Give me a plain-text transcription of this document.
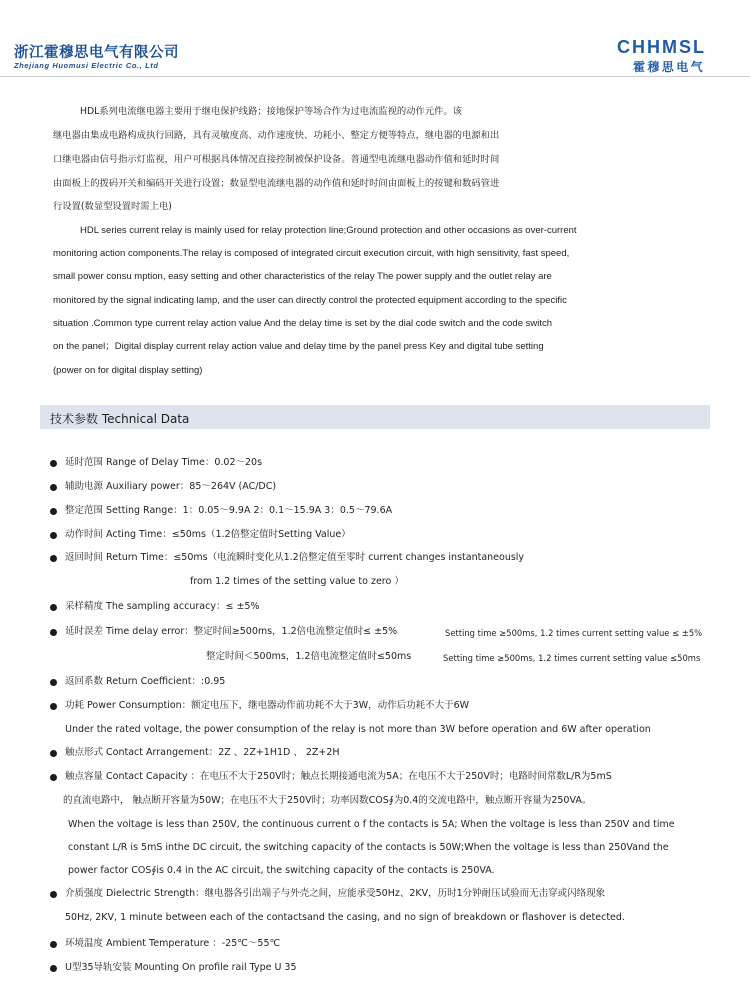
浙江霍穆思电气有限公司
Zhejiang Huomusi Electric Co., Ltd
CHHMSL
霍穆思电气
HDL系列电流继电器主要用于继电保护线路；接地保护等场合作为过电流监视的动作元件。该
继电器由集成电路构成执行回路，具有灵敏度高、动作速度快、功耗小、整定方便等特点，继电器的电源和出
口继电器由信号指示灯监视，用户可根据具体情况直接控制被保护设备。普通型电流继电器动作值和延时时间
由面板上的拨码开关和编码开关进行设置；数显型电流继电器的动作值和延时时间由面板上的按键和数码管进
行设置(数显型设置时需上电)
HDL series current relay is mainly used for relay protection line;Ground protection and other occasions as over-current
monitoring action components.The relay is composed of integrated circuit execution circuit, with high sensitivity, fast speed,
small power consu mption, easy setting and other characteristics of the relay The power supply and the outlet relay are
monitored by the signal indicating lamp, and the user can directly control the protected equipment according to the specific
situation .Common type current relay action value And the delay time is set by the dial code switch and the code switch
on the panel；Digital display current relay action value and delay time by the panel press Key and digital tube setting
(power on for digital display setting)
技术参数 Technical Data
延时范围 Range of Delay Time：0.02～20s
辅助电源 Auxiliary power：85～264V (AC/DC)
整定范围 Setting Range：1：0.05～9.9A 2：0.1～15.9A 3：0.5～79.6A
动作时间 Acting Time：≤50ms（1.2倍整定值时Setting Value）
返回时间 Return Time：≤50ms（电流瞬时变化从1.2倍整定值至零时 current changes instantaneously
from 1.2 times of the setting value to zero ）
采样精度 The sampling accuracy：≤ ±5%
延时误差 Time delay error：整定时间≥500ms，1.2倍电流整定值时≤ ±5%	Setting time ≥500ms, 1.2 times current setting value ≤ ±5%
整定时间＜500ms，1.2倍电流整定值时≤50ms	Setting time ≥500ms, 1.2 times current setting value ≤50ms
返回系数 Return Coefficient：:0.95
功耗 Power Consumption：额定电压下，继电器动作前功耗不大于3W，动作后功耗不大于6W
Under the rated voltage, the power consumption of the relay is not more than 3W before operation and 6W after operation
触点形式 Contact Arrangement：2Z 、2Z+1H1D 、 2Z+2H
触点容量 Contact Capacity ：在电压不大于250V时；触点长期接通电流为5A；在电压不大于250V时；电路时间常数L/R为5mS
的直流电路中， 触点断开容量为50W；在电压不大于250V时；功率因数COS∮为0.4的交流电路中，触点断开容量为250VA。
When the voltage is less than 250V, the continuous current o f the contacts is 5A; When the voltage is less than 250V and time
constant L/R is 5mS inthe DC circuit, the switching capacity of the contacts is 50W;When the voltage is less than 250Vand the
power factor COS∮is 0.4 in the AC circuit, the switching capacity of the contacts is 250VA.
介质强度 Dielectric Strength：继电器各引出端子与外壳之间，应能承受50Hz、2KV，历时1分钟耐压试验而无击穿或闪络现象
50Hz, 2KV, 1 minute between each of the contactsand the casing, and no sign of breakdown or flashover is detected.
环境温度 Ambient Temperature ：-25℃～55℃
U型35导轨安装 Mounting On profile rail Type U 35
